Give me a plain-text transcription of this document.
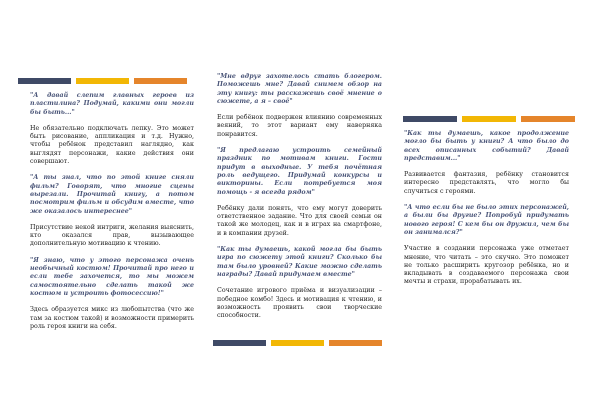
"А давай слепим главных героев из пластилина? Подумай, какими они могли бы быть..."

Не обязательно подключать лепку. Это может быть рисование, аппликация и т.д. Нужно, чтобы ребёнок представил наглядно, как выглядят персонажи, какие действия они совершают.

"А ты знал, что по этой книге сняли фильм? Говорят, что многие сцены вырезали. Прочитай книгу, а потом посмотрим фильм и обсудим вместе, что же оказалось интереснее"

Присутствие некой интриги, желания выяснить, кто оказался прав, вызывающее дополнительную мотивацию к чтению.

"Я знаю, что у этого персонажа очень необычный костюм! Прочитай про него и если тебе захочется, то мы можем самостоятельно сделать такой же костюм и устроить фотосессию!"

Здесь образуется микс из любопытства (что же там за костюм такой) и возможности примерить роль героя книги на себя.

"Мне вдруг захотелось стать блогером. Поможешь мне? Давай снимем обзор на эту книгу: ты расскажешь своё мнение о сюжете, а я – своё"

Если ребёнок подвержен влиянию современных веяний, то этот вариант ему наверняка понравится.

"Я предлагаю устроить семейный праздник по мотивам книги. Гости придут в выходные. У тебя почётная роль ведущего. Придумай конкурсы и викторины. Если потребуется моя помощь - я всегда рядом"

Ребёнку дали понять, что ему могут доверить ответственное задание. Что для своей семьи он такой же молодец, как и в играх на смартфоне, и в компании друзей.

"Как ты думаешь, какой могла бы быть игра по сюжету этой книги? Сколько бы там было уровней? Какие можно сделать награды? Давай придумаем вместе"

Сочетание игрового приёма и визуализации – победное комбо! Здесь и мотивация к чтению, и возможность проявить свои творческие способности.

"Как ты думаешь, какое продолжение могло бы быть у книги? А что было до всех описанных событий? Давай представим..."

Развивается фантазия, ребёнку становится интересно представлять, что могло бы случиться с героями.

"А что если бы не было этих персонажей, а были бы другие? Попробуй придумать нового героя! С кем бы он дружил, чем бы он занимался?"

Участие в создании персонажа уже отметает мнение, что читать – это скучно. Это поможет не только расширить кругозор ребёнка, но и вкладывать в создаваемого персонажа свои мечты и страхи, прорабатывать их.
